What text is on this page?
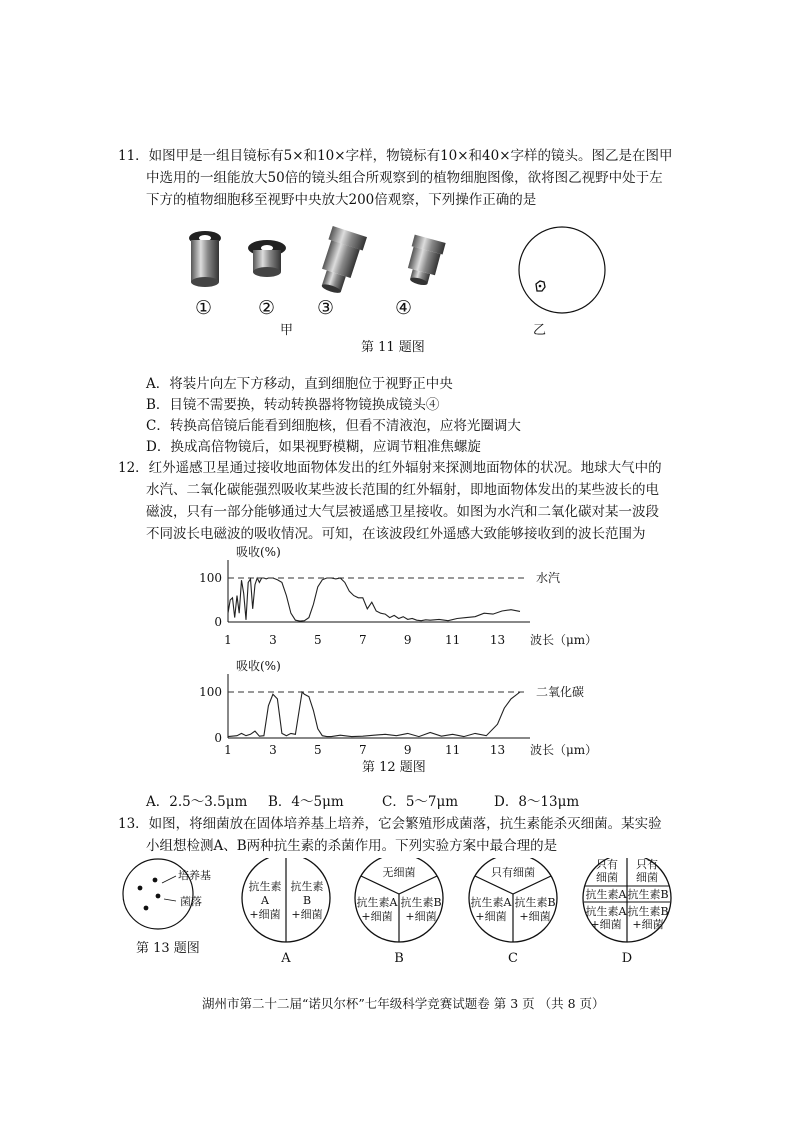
11．如图甲是一组目镜标有5×和10×字样，物镜标有10×和40×字样的镜头。图乙是在图甲
中选用的一组能放大50倍的镜头组合所观察到的植物细胞图像，欲将图乙视野中处于左
下方的植物细胞移至视野中央放大200倍观察，下列操作正确的是
① ② ③	④
甲	乙
第 11 题图
A．将装片向左下方移动，直到细胞位于视野正中央
B．目镜不需要换，转动转换器将物镜换成镜头④
C．转换高倍镜后能看到细胞核，但看不清液泡，应将光圈调大
D．换成高倍物镜后，如果视野模糊，应调节粗准焦螺旋
12．红外遥感卫星通过接收地面物体发出的红外辐射来探测地面物体的状况。地球大气中的
水汽、二氧化碳能强烈吸收某些波长范围的红外辐射，即地面物体发出的某些波长的电
磁波，只有一部分能够通过大气层被遥感卫星接收。如图为水汽和二氧化碳对某一波段
不同波长电磁波的吸收情况。可知，在该波段红外遥感大致能够接收到的波长范围为
吸收(%)
0
100
1	3	5	7	9	11 13 波长（μm）
水汽
吸收(%)
0
100
1	3	5	7	9	11 13 波长（μm）
二氧化碳
第 12 题图
A．2.5～3.5μm B．4～5μm	C．5～7μm	D．8～13μm
13．如图，将细菌放在固体培养基上培养，它会繁殖形成菌落，抗生素能杀灭细菌。某实验
小组想检测A、B两种抗生素的杀菌作用。下列实验方案中最合理的是
培养基
菌落
第 13 题图
抗生素
A
+细菌
抗生素
B
+细菌
A
无细菌
抗生素A
+细菌
抗生素B
+细菌
B
只有细菌
抗生素A
+细菌
抗生素B
+细菌
C
只有
细菌
只有
细菌
抗生素A 抗生素B
抗生素A
+细菌
抗生素B
+细菌
D
湖州市第二十二届“诺贝尔杯”七年级科学竞赛试题卷 第 3 页 （共 8 页）
